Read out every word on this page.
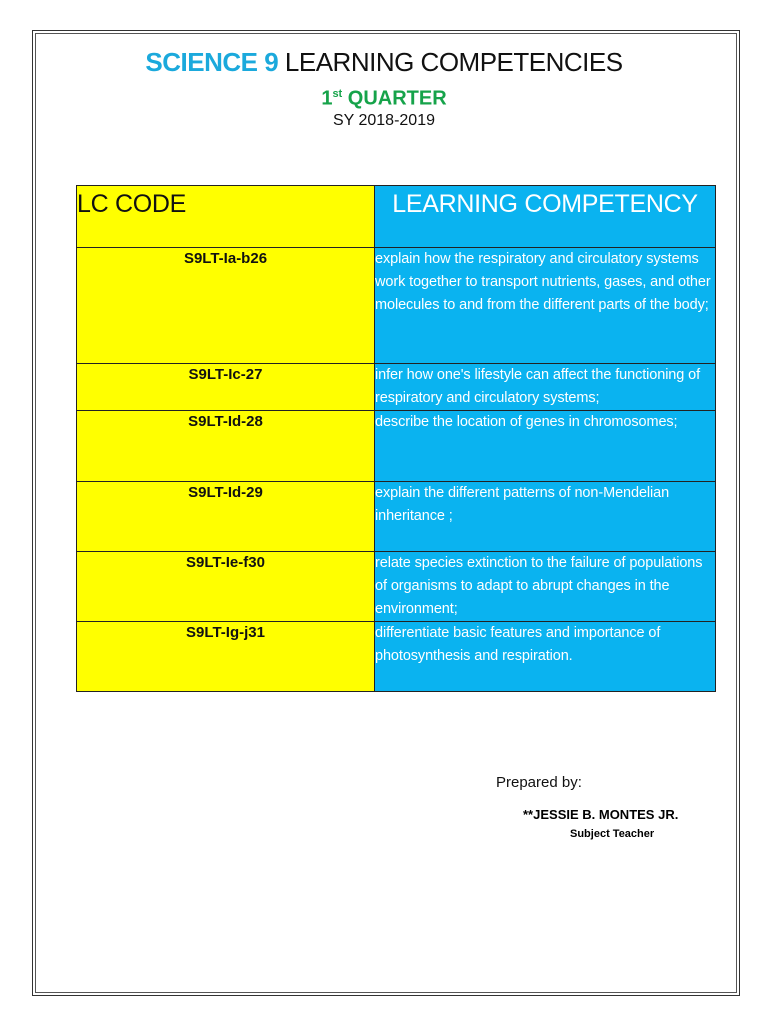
SCIENCE 9 LEARNING COMPETENCIES
1st QUARTER
SY 2018-2019
LC CODE	LEARNING COMPETENCY
S9LT-Ia-b26	explain how the respiratory and circulatory systems work together to transport nutrients, gases, and other molecules to and from the different parts of the body;
S9LT-Ic-27	infer how one's lifestyle can affect the functioning of respiratory and circulatory systems;
S9LT-Id-28	describe the location of genes in chromosomes;
S9LT-Id-29	explain the different patterns of non-Mendelian inheritance ;
S9LT-Ie-f30	relate species extinction to the failure of populations of organisms to adapt to abrupt changes in the environment;
S9LT-Ig-j31	differentiate basic features and importance of photosynthesis and respiration.
Prepared by:
**JESSIE B. MONTES JR.
Subject Teacher
